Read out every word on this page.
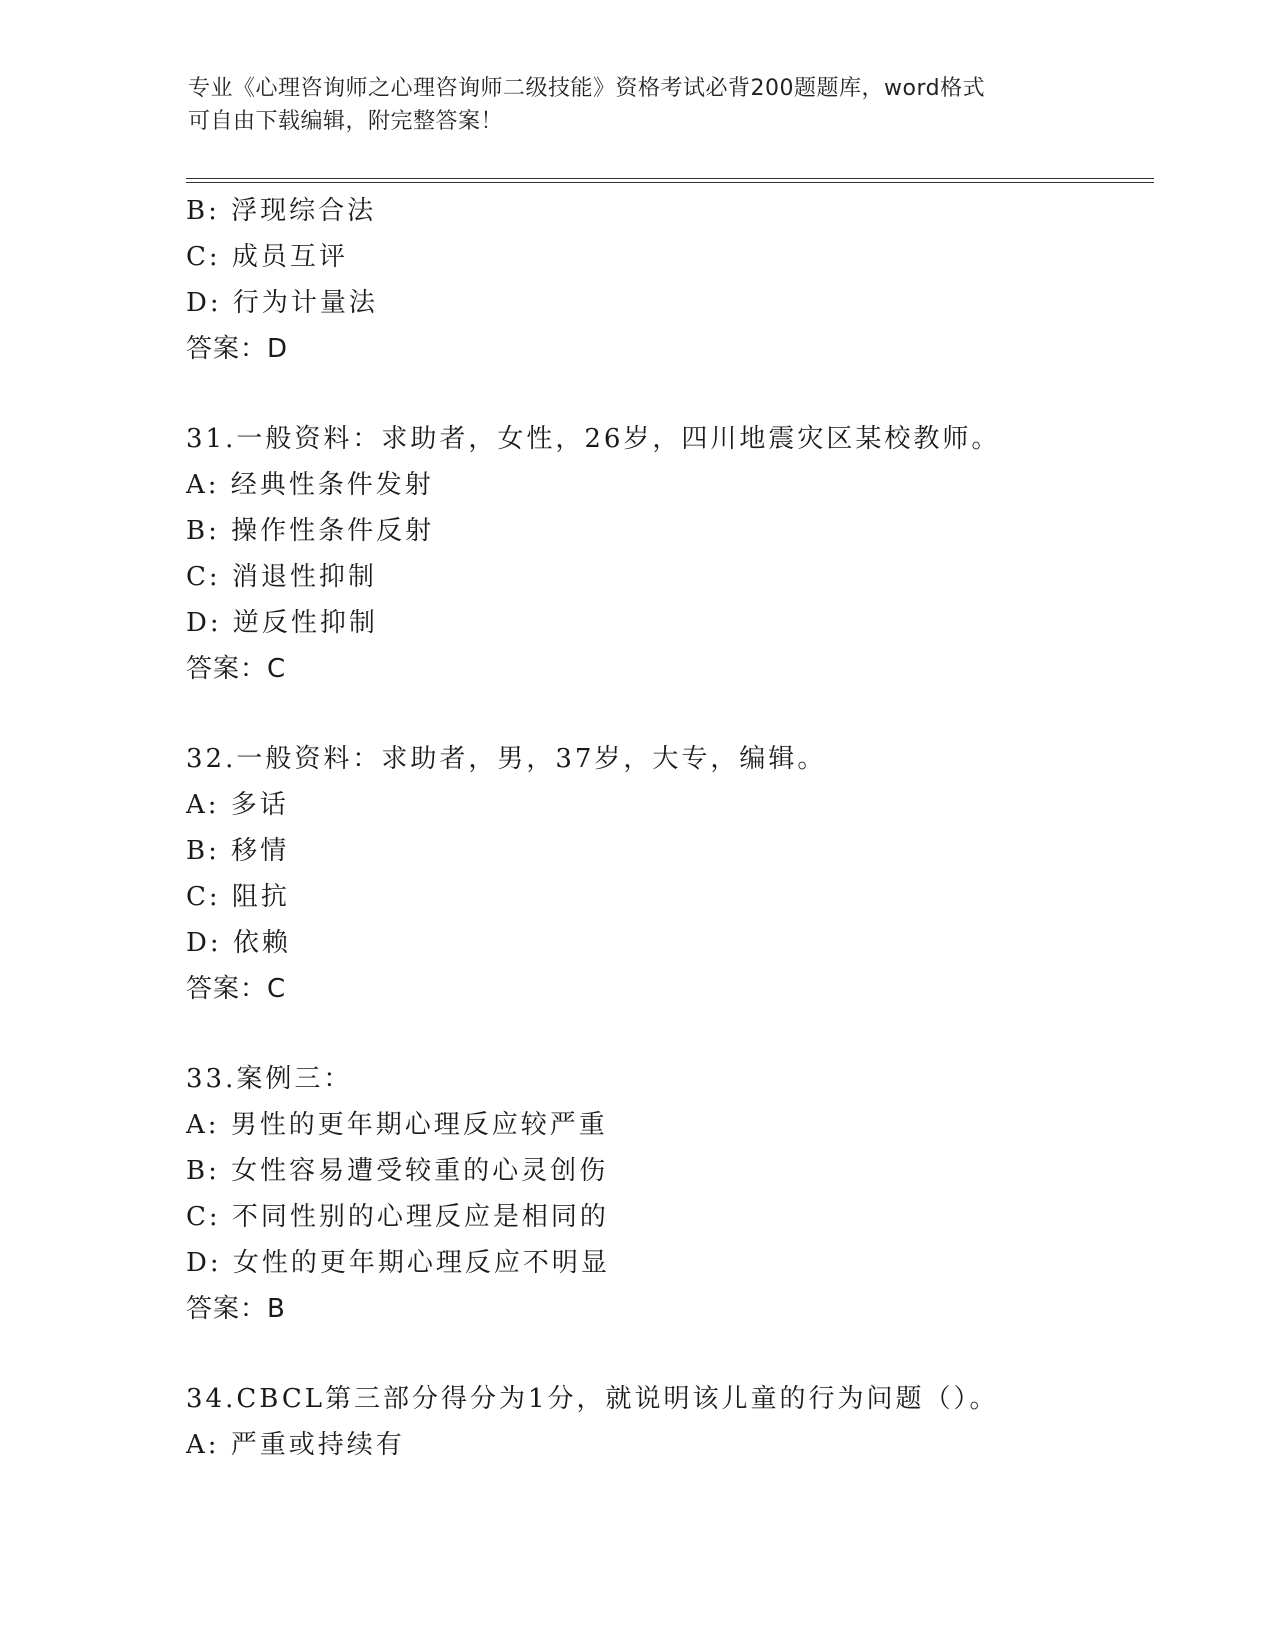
专业《心理咨询师之心理咨询师二级技能》资格考试必背200题题库，word格式
可自由下载编辑，附完整答案！
B: 浮现综合法
C: 成员互评
D: 行为计量法
答案：D
31.一般资料：求助者，女性，26岁，四川地震灾区某校教师。
A: 经典性条件发射
B: 操作性条件反射
C: 消退性抑制
D: 逆反性抑制
答案：C
32.一般资料：求助者，男，37岁，大专，编辑。
A: 多话
B: 移情
C: 阻抗
D: 依赖
答案：C
33.案例三：
A: 男性的更年期心理反应较严重
B: 女性容易遭受较重的心灵创伤
C: 不同性别的心理反应是相同的
D: 女性的更年期心理反应不明显
答案：B
34.CBCL第三部分得分为1分，就说明该儿童的行为问题（）。
A: 严重或持续有
